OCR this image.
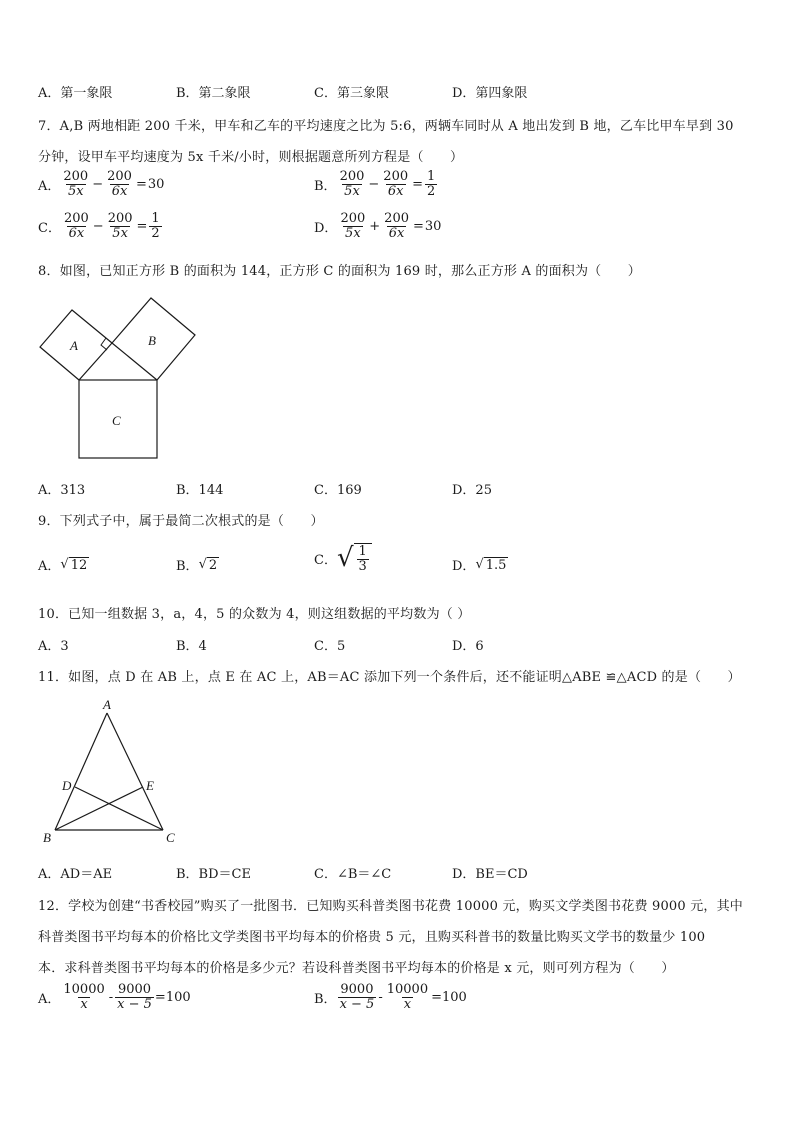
A．第一象限	B．第二象限	C．第三象限	D．第四象限
7．A,B 两地相距 200 千米，甲车和乙车的平均速度之比为 5:6，两辆车同时从 A 地出发到 B 地，乙车比甲车早到 30
分钟，设甲车平均速度为 5x 千米/小时，则根据题意所列方程是（　　）
A． $\frac{200}{5x} - \frac{200}{6x} = 30$	B． $\frac{200}{5x} - \frac{200}{6x} = \frac{1}{2}$
C． $\frac{200}{6x} - \frac{200}{5x} = \frac{1}{2}$	D． $\frac{200}{5x} + \frac{200}{6x} = 30$
8．如图，已知正方形 B 的面积为 144，正方形 C 的面积为 169 时，那么正方形 A 的面积为（　　）
A	B
C
A．313	B．144	C．169	D．25
9．下列式子中，属于最简二次根式的是（　　）
A． √ 12	B． √ 2	C． √ $\frac{1}{3}$	D． √ 1.5
10．已知一组数据 3，a，4，5 的众数为 4，则这组数据的平均数为（ ）
A．3	B．4	C．5	D．6
11．如图，点 D 在 AB 上，点 E 在 AC 上，AB＝AC 添加下列一个条件后，还不能证明△ABE ≌△ACD 的是（　　）
A
B	C
D	E
A．AD＝AE	B．BD＝CE	C．∠B＝∠C	D．BE＝CD
12．学校为创建“书香校园”购买了一批图书．已知购买科普类图书花费 10000 元，购买文学类图书花费 9000 元，其中
科普类图书平均每本的价格比文学类图书平均每本的价格贵 5 元，且购买科普书的数量比购买文学书的数量少 100
本．求科普类图书平均每本的价格是多少元？若设科普类图书平均每本的价格是 x 元，则可列方程为（　　）
A． $\frac{10000}{x} - \frac{9000}{x - 5} =100$	B． $\frac{9000}{x - 5} - \frac{10000}{x} =100$
